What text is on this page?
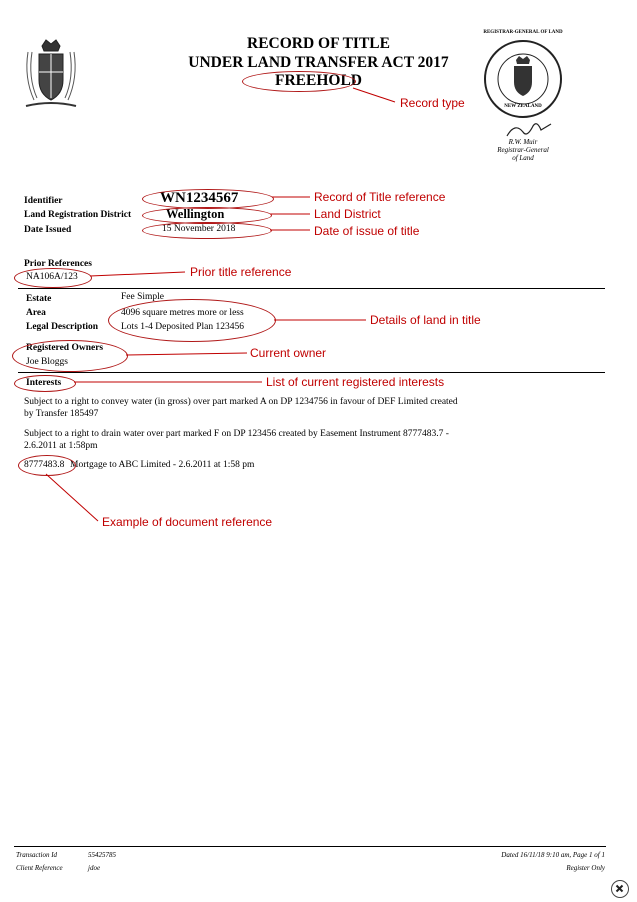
REGISTRAR-GENERAL OF LAND
NEW ZEALAND
R.W. Muir
Registrar-General
of Land
RECORD OF TITLE
UNDER LAND TRANSFER ACT 2017
FREEHOLD
Identifier	WN1234567
Land Registration District	Wellington
Date Issued	15 November 2018
Prior References
NA106A/123
Estate	Fee Simple
Area	4096 square metres more or less
Legal Description Lots 1-4 Deposited Plan 123456
Registered Owners
Joe Bloggs
Interests
Subject to a right to convey water (in gross) over part marked A on DP 1234756 in favour of DEF Limited created
by Transfer 185497
Subject to a right to drain water over part marked F on DP 123456 created by Easement Instrument 8777483.7 -
2.6.2011 at 1:58pm
8777483.8 Mortgage to ABC Limited - 2.6.2011 at 1:58 pm
Record type
Record of Title reference
Land District
Date of issue of title
Prior title reference
Details of land in title
Current owner
List of current registered interests
Example of document reference
Transaction Id	55425785
Client Reference	jdoe
Dated 16/11/18 9:10 am, Page 1 of 1
Register Only
